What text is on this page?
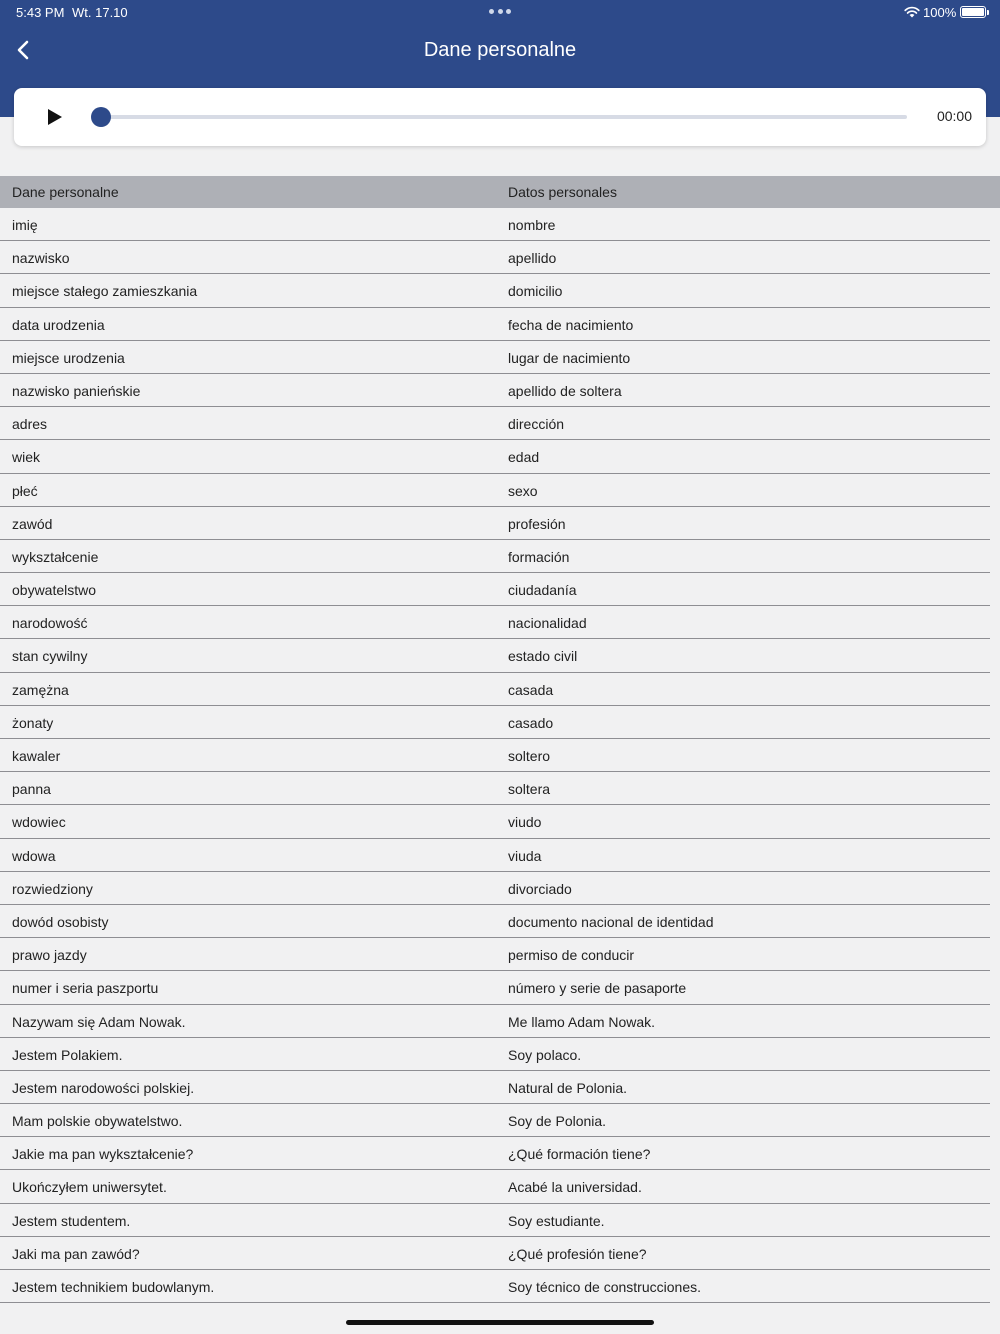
5:43 PM Wt. 17.10	100%
Dane personalne
00:00
Dane personalne	Datos personales
imię	nombre
nazwisko	apellido
miejsce stałego zamieszkania	domicilio
data urodzenia	fecha de nacimiento
miejsce urodzenia	lugar de nacimiento
nazwisko panieńskie	apellido de soltera
adres	dirección
wiek	edad
płeć	sexo
zawód	profesión
wykształcenie	formación
obywatelstwo	ciudadanía
narodowość	nacionalidad
stan cywilny	estado civil
zamężna	casada
żonaty	casado
kawaler	soltero
panna	soltera
wdowiec	viudo
wdowa	viuda
rozwiedziony	divorciado
dowód osobisty	documento nacional de identidad
prawo jazdy	permiso de conducir
numer i seria paszportu	número y serie de pasaporte
Nazywam się Adam Nowak.	Me llamo Adam Nowak.
Jestem Polakiem.	Soy polaco.
Jestem narodowości polskiej.	Natural de Polonia.
Mam polskie obywatelstwo.	Soy de Polonia.
Jakie ma pan wykształcenie?	¿Qué formación tiene?
Ukończyłem uniwersytet.	Acabé la universidad.
Jestem studentem.	Soy estudiante.
Jaki ma pan zawód?	¿Qué profesión tiene?
Jestem technikiem budowlanym.	Soy técnico de construcciones.
